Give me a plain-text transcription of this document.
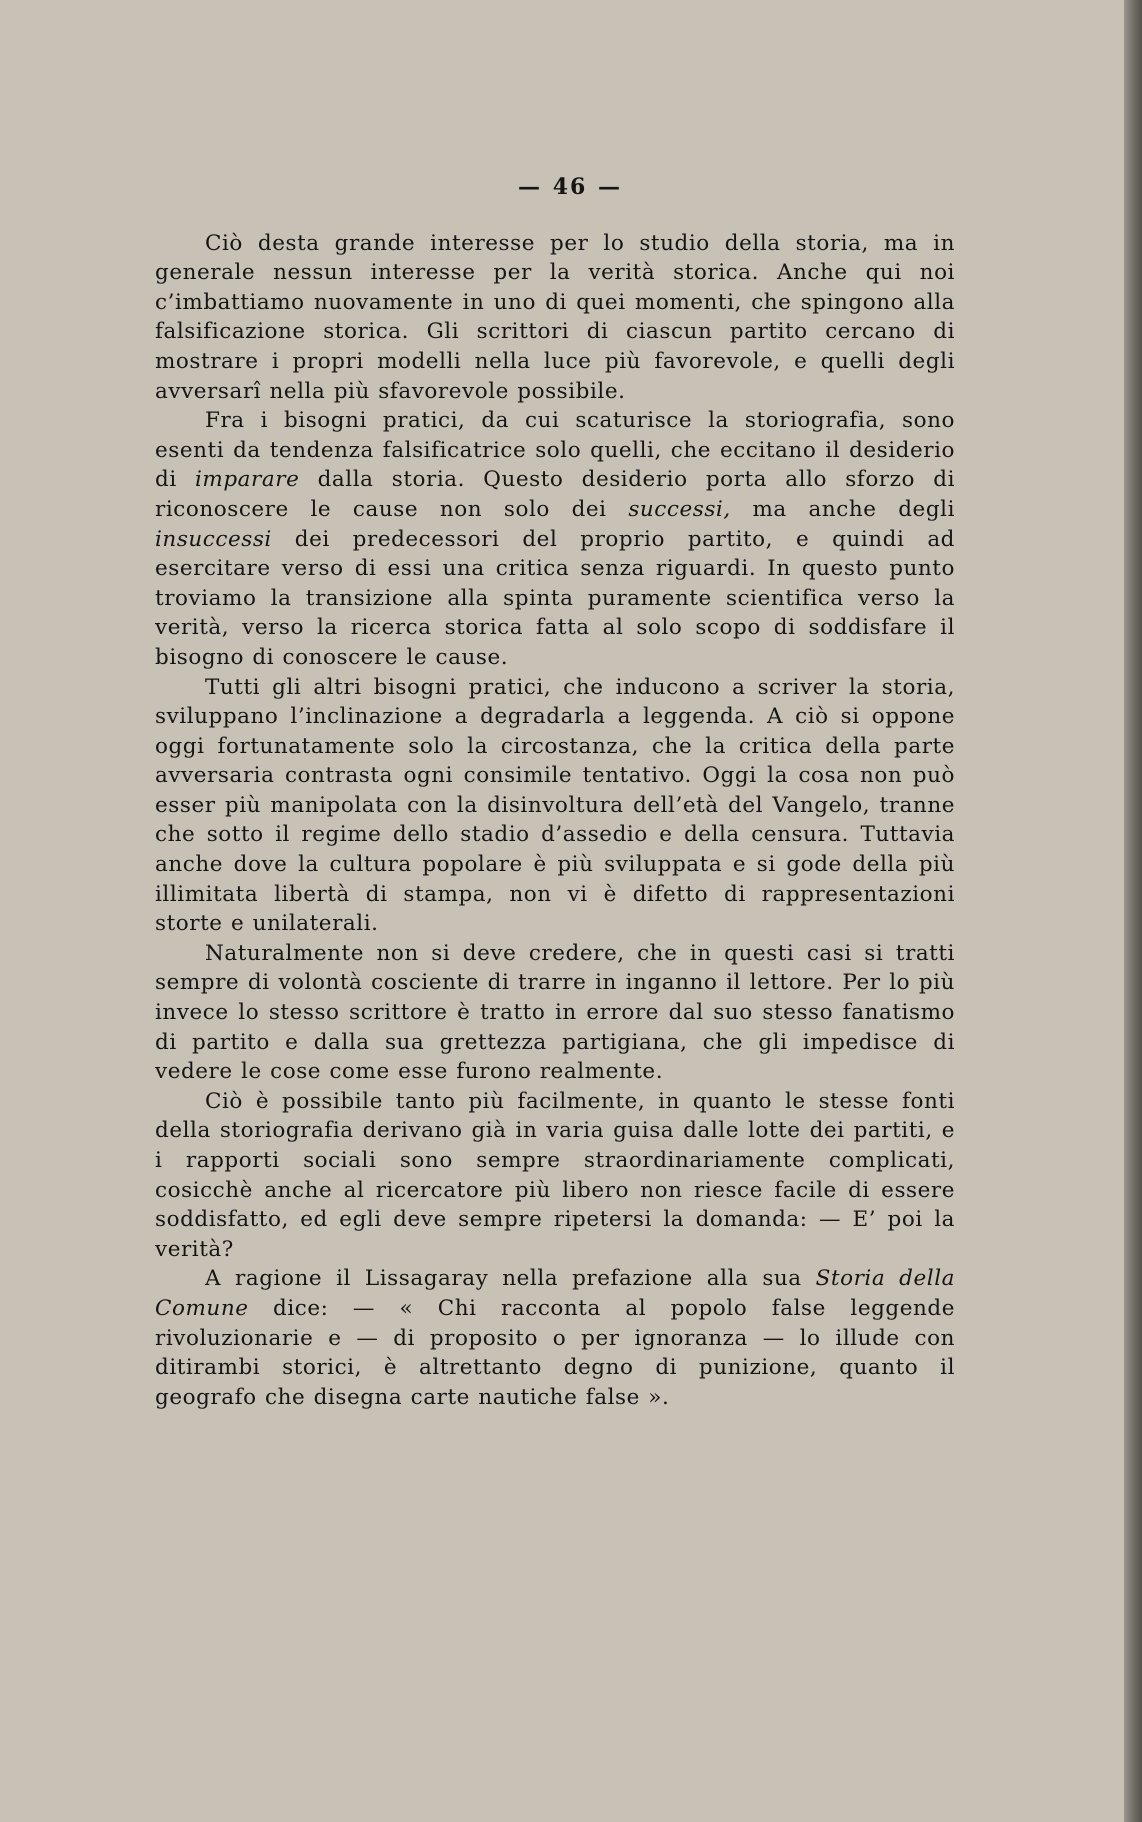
— 46 —

Ciò desta grande interesse per lo studio della storia, ma in generale nessun interesse per la verità storica. Anche qui noi c’imbattiamo nuovamente in uno di quei momenti, che spingono alla falsificazione storica. Gli scrittori di ciascun partito cercano di mostrare i propri modelli nella luce più favorevole, e quelli degli avversarî nella più sfavorevole possibile.

Fra i bisogni pratici, da cui scaturisce la storiografia, sono esenti da tendenza falsificatrice solo quelli, che eccitano il desiderio di imparare dalla storia. Questo desiderio porta allo sforzo di riconoscere le cause non solo dei successi, ma anche degli insuccessi dei predecessori del proprio partito, e quindi ad esercitare verso di essi una critica senza riguardi. In questo punto troviamo la transizione alla spinta puramente scientifica verso la verità, verso la ricerca storica fatta al solo scopo di soddisfare il bisogno di conoscere le cause.

Tutti gli altri bisogni pratici, che inducono a scriver la storia, sviluppano l’inclinazione a degradarla a leggenda. A ciò si oppone oggi fortunatamente solo la circostanza, che la critica della parte avversaria contrasta ogni consimile tentativo. Oggi la cosa non può esser più manipolata con la disinvoltura dell’età del Vangelo, tranne che sotto il regime dello stadio d’assedio e della censura. Tuttavia anche dove la cultura popolare è più sviluppata e si gode della più illimitata libertà di stampa, non vi è difetto di rappresentazioni storte e unilaterali.

Naturalmente non si deve credere, che in questi casi si tratti sempre di volontà cosciente di trarre in inganno il lettore. Per lo più invece lo stesso scrittore è tratto in errore dal suo stesso fanatismo di partito e dalla sua grettezza partigiana, che gli impedisce di vedere le cose come esse furono realmente.

Ciò è possibile tanto più facilmente, in quanto le stesse fonti della storiografia derivano già in varia guisa dalle lotte dei partiti, e i rapporti sociali sono sempre straordinariamente complicati, cosicchè anche al ricercatore più libero non riesce facile di essere soddisfatto, ed egli deve sempre ripetersi la domanda: — E’ poi la verità?

A ragione il Lissagaray nella prefazione alla sua Storia della Comune dice: — « Chi racconta al popolo false leggende rivoluzionarie e — di proposito o per ignoranza — lo illude con ditirambi storici, è altrettanto degno di punizione, quanto il geografo che disegna carte nautiche false ».
